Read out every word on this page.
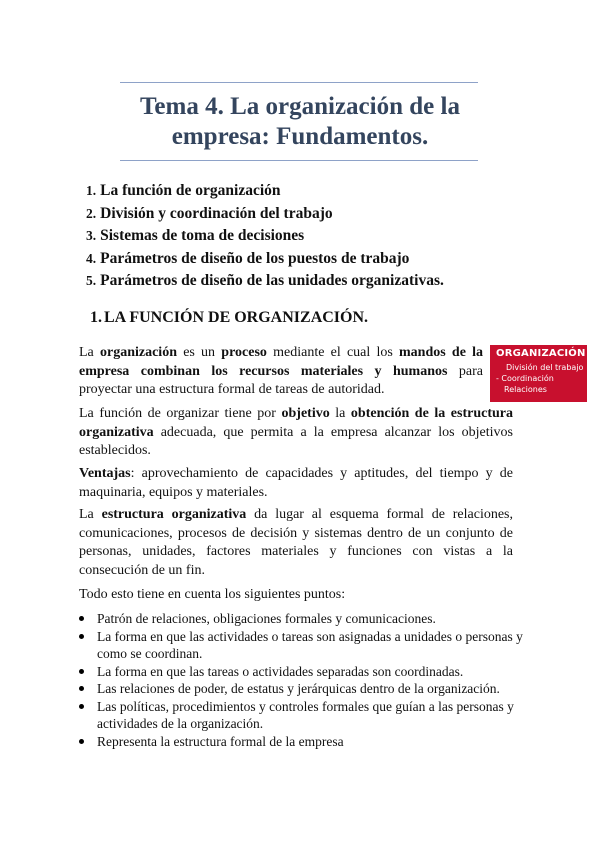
Tema 4. La organización de la
empresa: Fundamentos.
1. La función de organización
2. División y coordinación del trabajo
3. Sistemas de toma de decisiones
4. Parámetros de diseño de los puestos de trabajo
5. Parámetros de diseño de las unidades organizativas.
1. LA FUNCIÓN DE ORGANIZACIÓN.
ORGANIZACIÓN
División del trabajo
- Coordinación
Relaciones

La organización es un proceso mediante el cual los mandos de la empresa combinan los recursos materiales y humanos para proyectar una estructura formal de tareas de autoridad.

La función de organizar tiene por objetivo la obtención de la estructura organizativa adecuada, que permita a la empresa alcanzar los objetivos establecidos.

Ventajas: aprovechamiento de capacidades y aptitudes, del tiempo y de maquinaria, equipos y materiales.

La estructura organizativa da lugar al esquema formal de relaciones, comunicaciones, procesos de decisión y sistemas dentro de un conjunto de personas, unidades, factores materiales y funciones con vistas a la consecución de un fin.

Todo esto tiene en cuenta los siguientes puntos:

Patrón de relaciones, obligaciones formales y comunicaciones.
La forma en que las actividades o tareas son asignadas a unidades o personas y como se coordinan.
La forma en que las tareas o actividades separadas son coordinadas.
Las relaciones de poder, de estatus y jerárquicas dentro de la organización.
Las políticas, procedimientos y controles formales que guían a las personas y actividades de la organización.
Representa la estructura formal de la empresa
